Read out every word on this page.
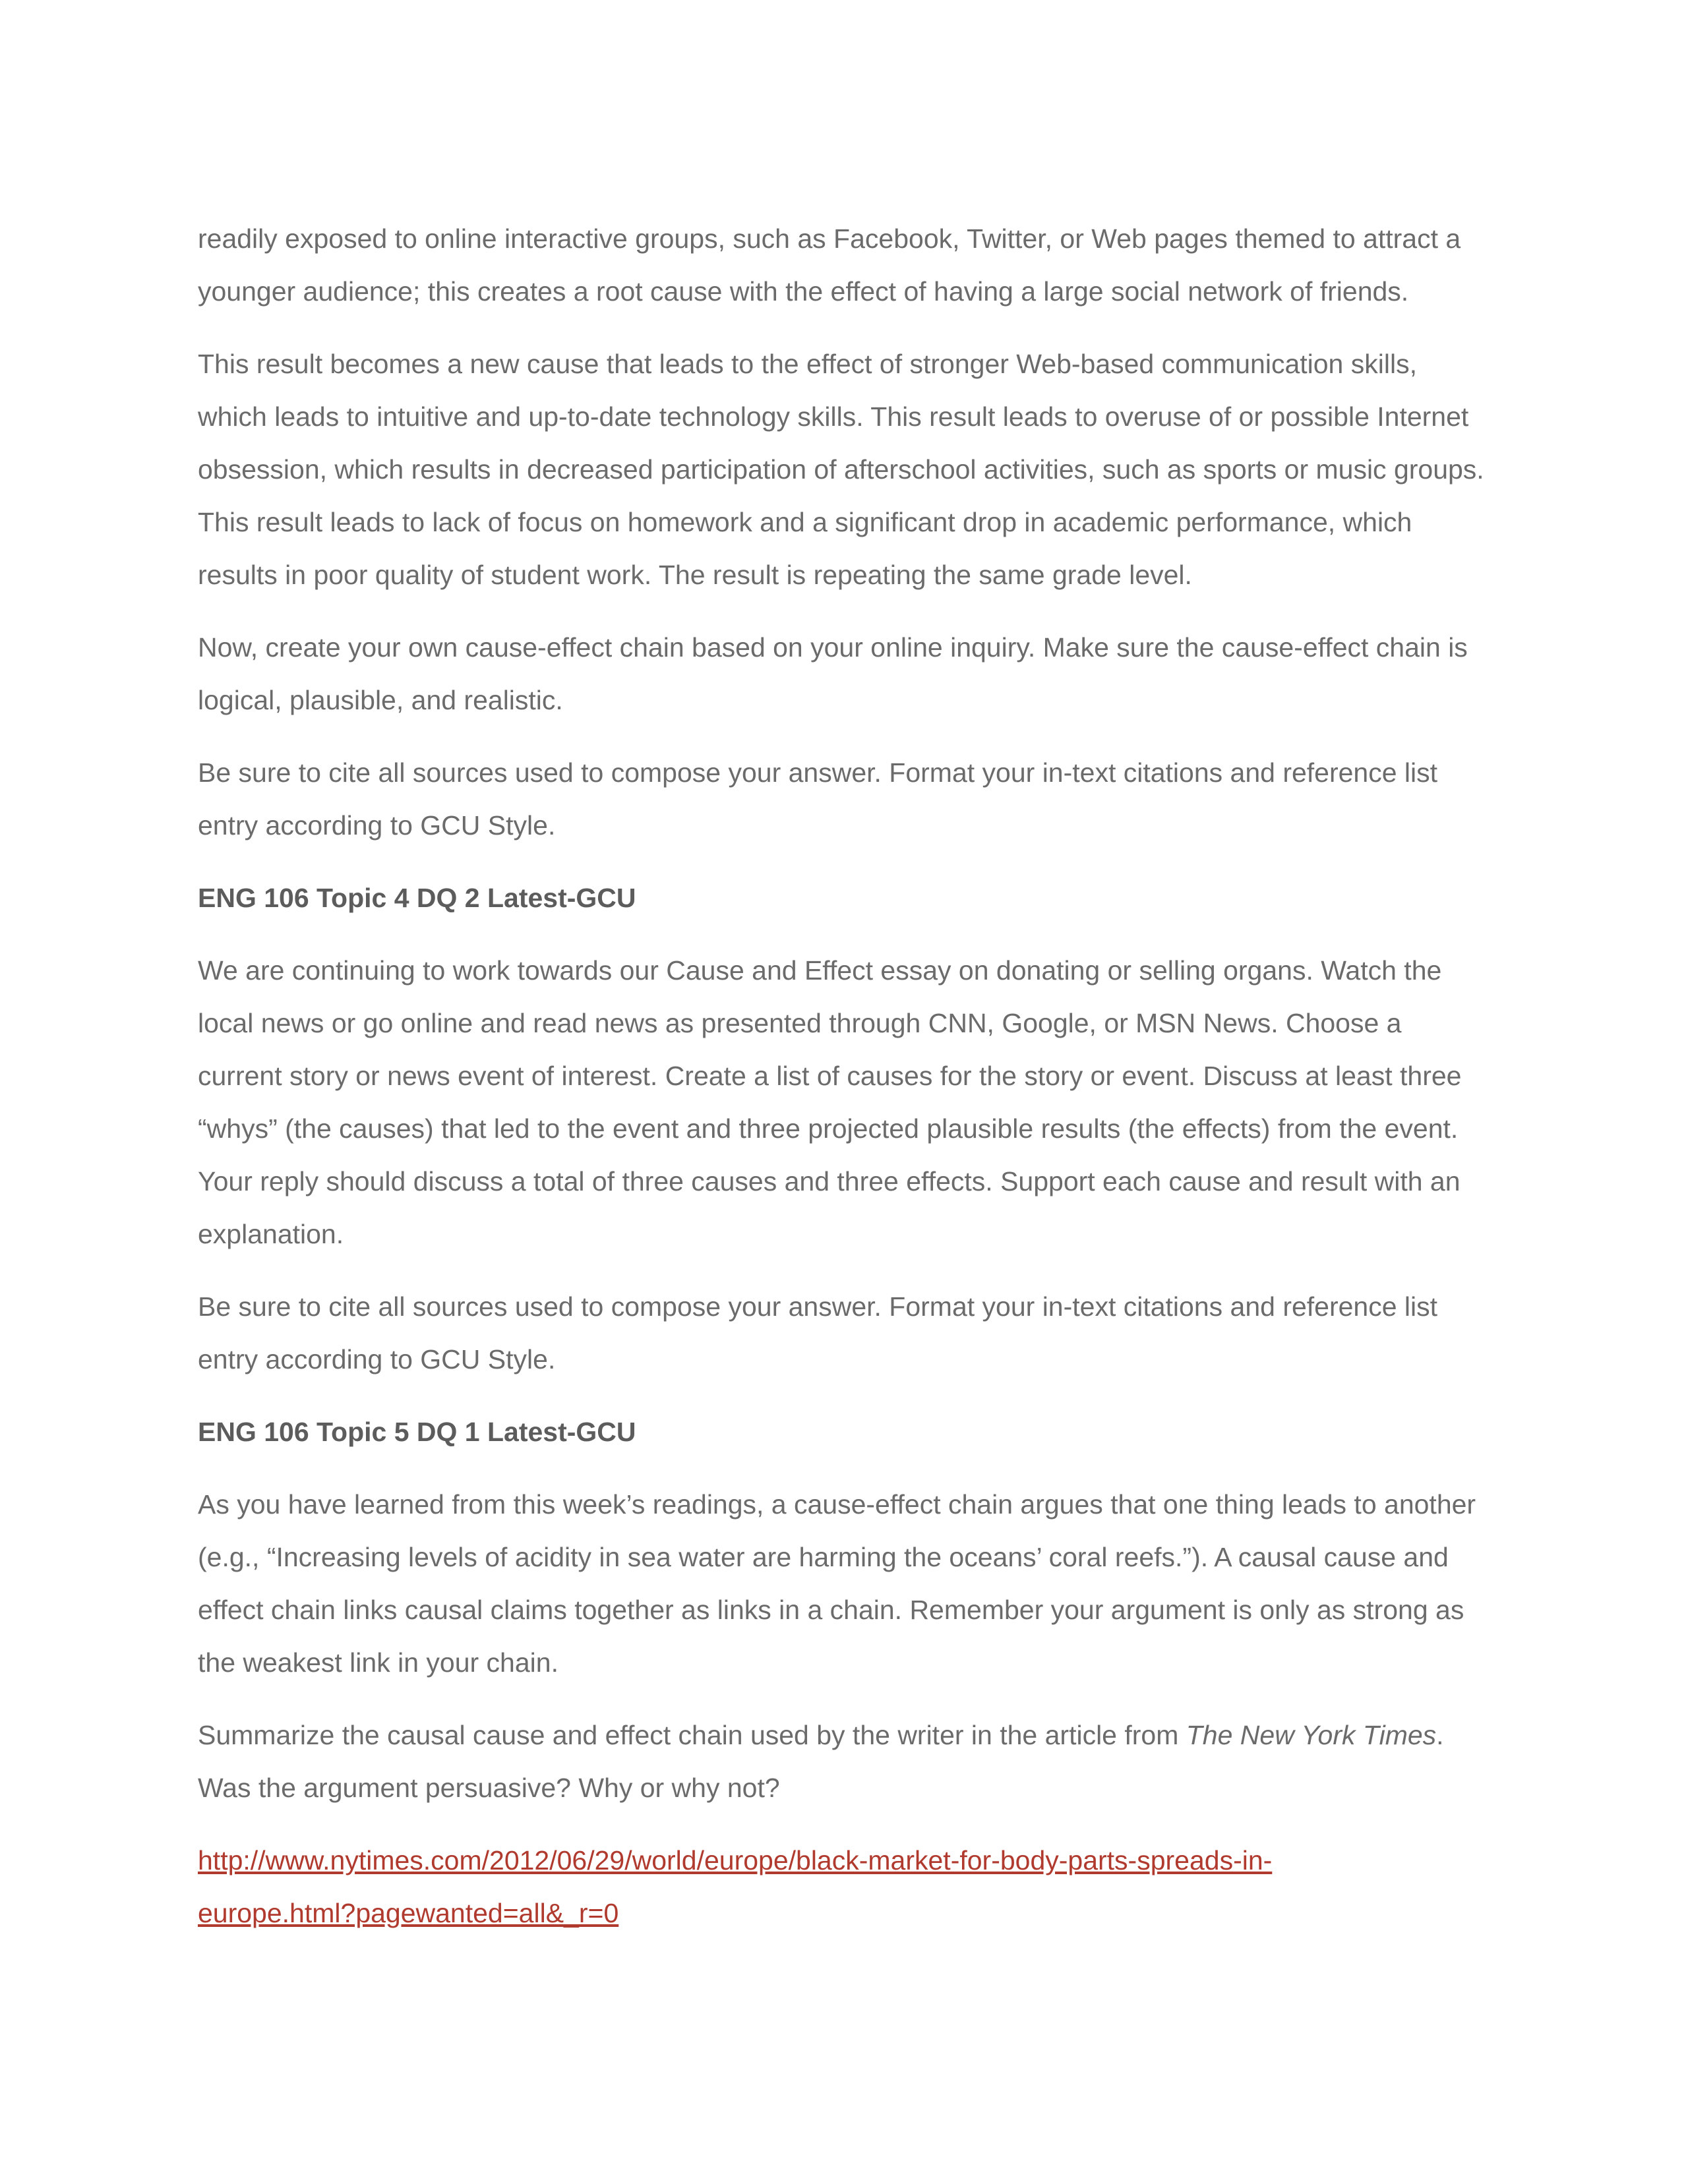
readily exposed to online interactive groups, such as Facebook, Twitter, or Web pages themed to attract a younger audience; this creates a root cause with the effect of having a large social network of friends.

This result becomes a new cause that leads to the effect of stronger Web-based communication skills, which leads to intuitive and up-to-date technology skills. This result leads to overuse of or possible Internet obsession, which results in decreased participation of afterschool activities, such as sports or music groups. This result leads to lack of focus on homework and a significant drop in academic performance, which results in poor quality of student work. The result is repeating the same grade level.

Now, create your own cause-effect chain based on your online inquiry. Make sure the cause-effect chain is logical, plausible, and realistic.

Be sure to cite all sources used to compose your answer. Format your in-text citations and reference list entry according to GCU Style.

ENG 106 Topic 4 DQ 2 Latest-GCU

We are continuing to work towards our Cause and Effect essay on donating or selling organs. Watch the local news or go online and read news as presented through CNN, Google, or MSN News. Choose a current story or news event of interest. Create a list of causes for the story or event. Discuss at least three “whys” (the causes) that led to the event and three projected plausible results (the effects) from the event. Your reply should discuss a total of three causes and three effects. Support each cause and result with an explanation.

Be sure to cite all sources used to compose your answer. Format your in-text citations and reference list entry according to GCU Style.

ENG 106 Topic 5 DQ 1 Latest-GCU

As you have learned from this week’s readings, a cause-effect chain argues that one thing leads to another (e.g., “Increasing levels of acidity in sea water are harming the oceans’ coral reefs.”). A causal cause and effect chain links causal claims together as links in a chain. Remember your argument is only as strong as the weakest link in your chain.

Summarize the causal cause and effect chain used by the writer in the article from The New York Times.
Was the argument persuasive? Why or why not?

http://www.nytimes.com/2012/06/29/world/europe/black-market-for-body-parts-spreads-in-
europe.html?pagewanted=all&_r=0
